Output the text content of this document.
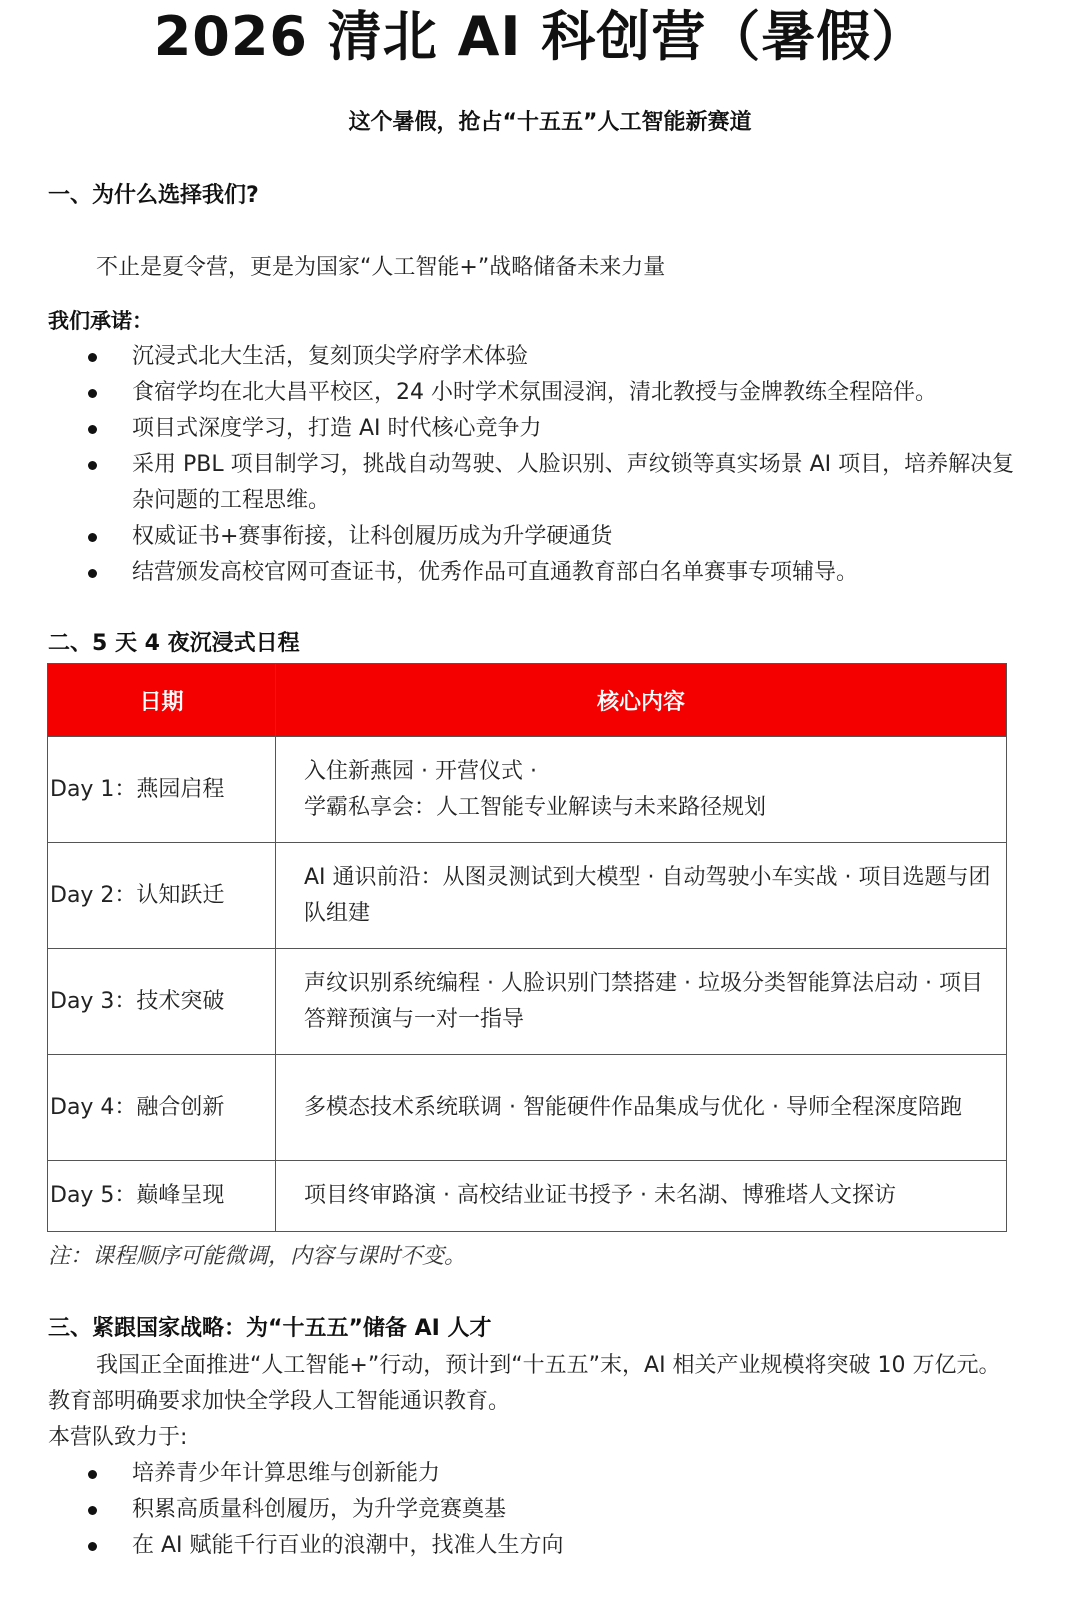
2026 清北 AI 科创营（暑假）
这个暑假，抢占“十五五”人工智能新赛道
一、为什么选择我们?

不止是夏令营，更是为国家“人工智能+”战略储备未来力量

我们承诺：

沉浸式北大生活，复刻顶尖学府学术体验
食宿学均在北大昌平校区，24 小时学术氛围浸润，清北教授与金牌教练全程陪伴。
项目式深度学习，打造 AI 时代核心竞争力
采用 PBL 项目制学习，挑战自动驾驶、人脸识别、声纹锁等真实场景 AI 项目，培养解决复杂问题的工程思维。
权威证书+赛事衔接，让科创履历成为升学硬通货
结营颁发高校官网可查证书，优秀作品可直通教育部白名单赛事专项辅导。
二、5 天 4 夜沉浸式日程
日期	核心内容
Day 1：燕园启程	入住新燕园 · 开营仪式 ·
学霸私享会：人工智能专业解读与未来路径规划
Day 2：认知跃迁	AI 通识前沿：从图灵测试到大模型 · 自动驾驶小车实战 · 项目选题与团队组建
Day 3：技术突破	声纹识别系统编程 · 人脸识别门禁搭建 · 垃圾分类智能算法启动 · 项目答辩预演与一对一指导
Day 4：融合创新	多模态技术系统联调 · 智能硬件作品集成与优化 · 导师全程深度陪跑
Day 5：巅峰呈现	项目终审路演 · 高校结业证书授予 · 未名湖、博雅塔人文探访

注：课程顺序可能微调，内容与课时不变。

三、紧跟国家战略：为“十五五”储备 AI 人才

我国正全面推进“人工智能+”行动，预计到“十五五”末，AI 相关产业规模将突破 10 万亿元。教育部明确要求加快全学段人工智能通识教育。

本营队致力于:

培养青少年计算思维与创新能力
积累高质量科创履历，为升学竞赛奠基
在 AI 赋能千行百业的浪潮中，找准人生方向
